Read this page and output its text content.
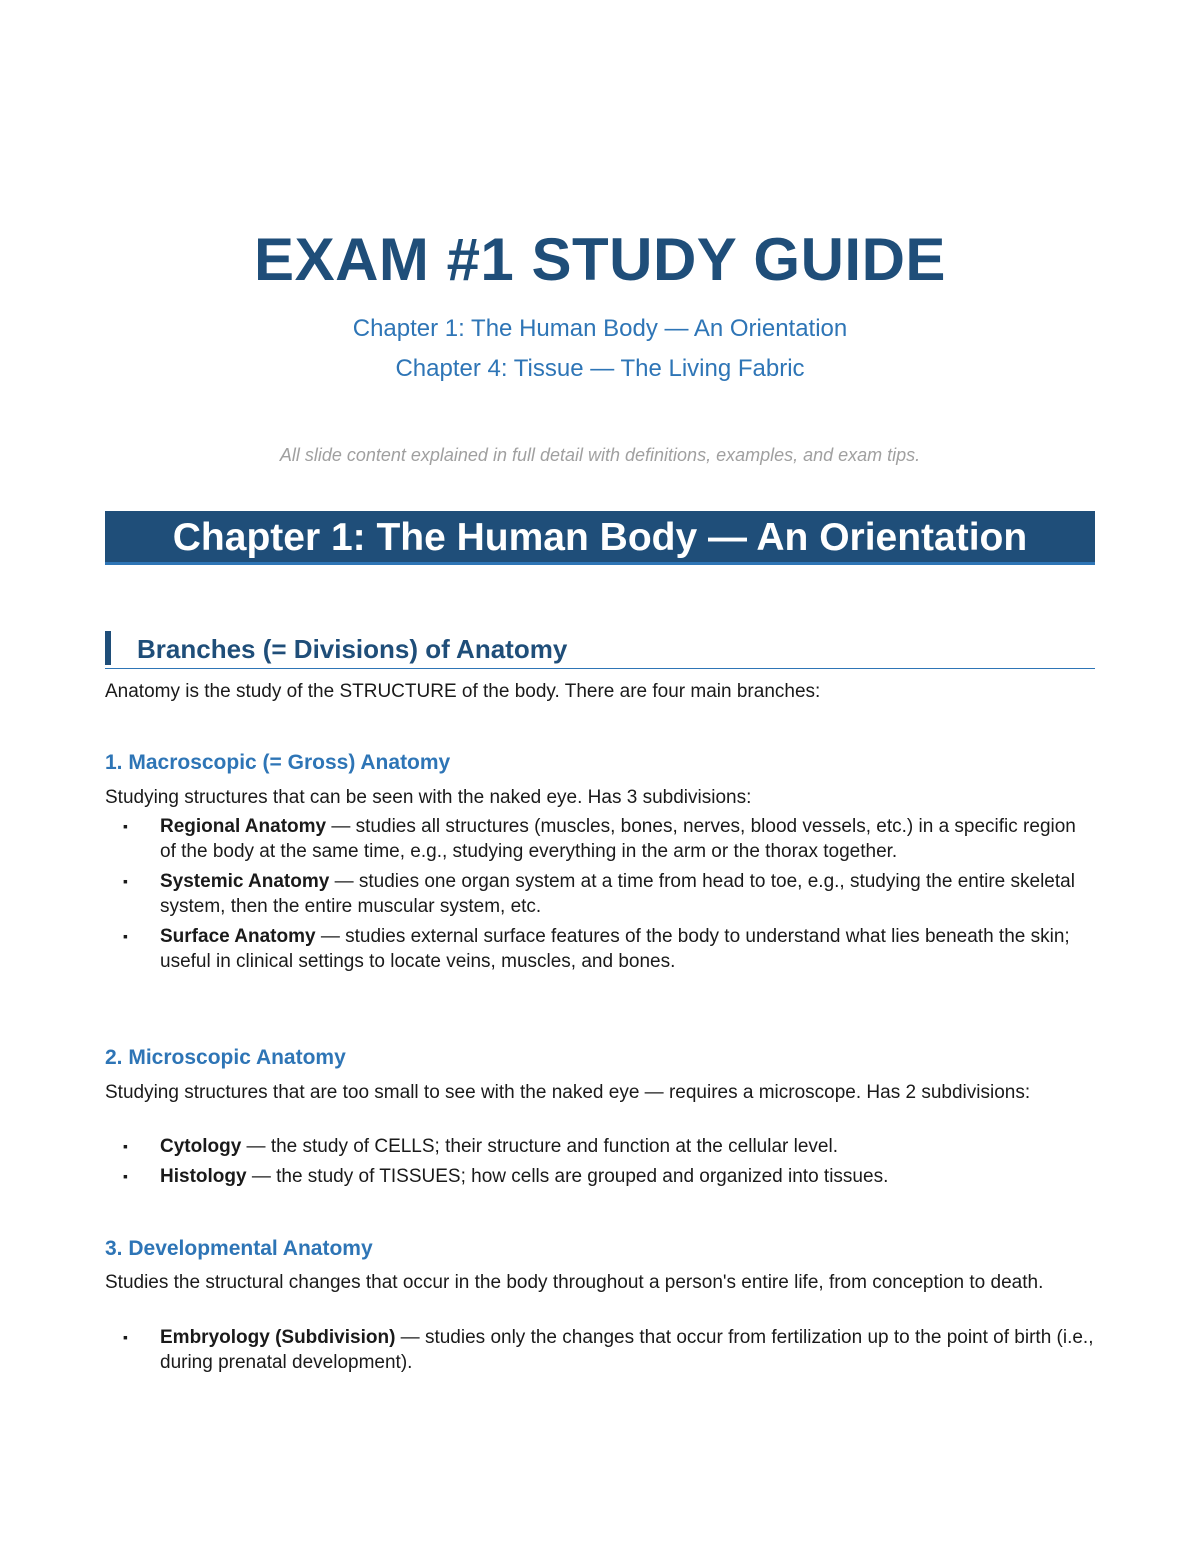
EXAM #1 STUDY GUIDE
Chapter 1: The Human Body — An Orientation
Chapter 4: Tissue — The Living Fabric
All slide content explained in full detail with definitions, examples, and exam tips.
Chapter 1: The Human Body — An Orientation
Branches (= Divisions) of Anatomy
Anatomy is the study of the STRUCTURE of the body. There are four main branches:
1. Macroscopic (= Gross) Anatomy
Studying structures that can be seen with the naked eye. Has 3 subdivisions:
▪ Regional Anatomy — studies all structures (muscles, bones, nerves, blood vessels, etc.) in a specific region of the body at the same time, e.g., studying everything in the arm or the thorax together.
▪ Systemic Anatomy — studies one organ system at a time from head to toe, e.g., studying the entire skeletal system, then the entire muscular system, etc.
▪ Surface Anatomy — studies external surface features of the body to understand what lies beneath the skin; useful in clinical settings to locate veins, muscles, and bones.
2. Microscopic Anatomy
Studying structures that are too small to see with the naked eye — requires a microscope. Has 2 subdivisions:
▪ Cytology — the study of CELLS; their structure and function at the cellular level.
▪ Histology — the study of TISSUES; how cells are grouped and organized into tissues.
3. Developmental Anatomy
Studies the structural changes that occur in the body throughout a person's entire life, from conception to death.
▪ Embryology (Subdivision) — studies only the changes that occur from fertilization up to the point of birth (i.e., during prenatal development).
